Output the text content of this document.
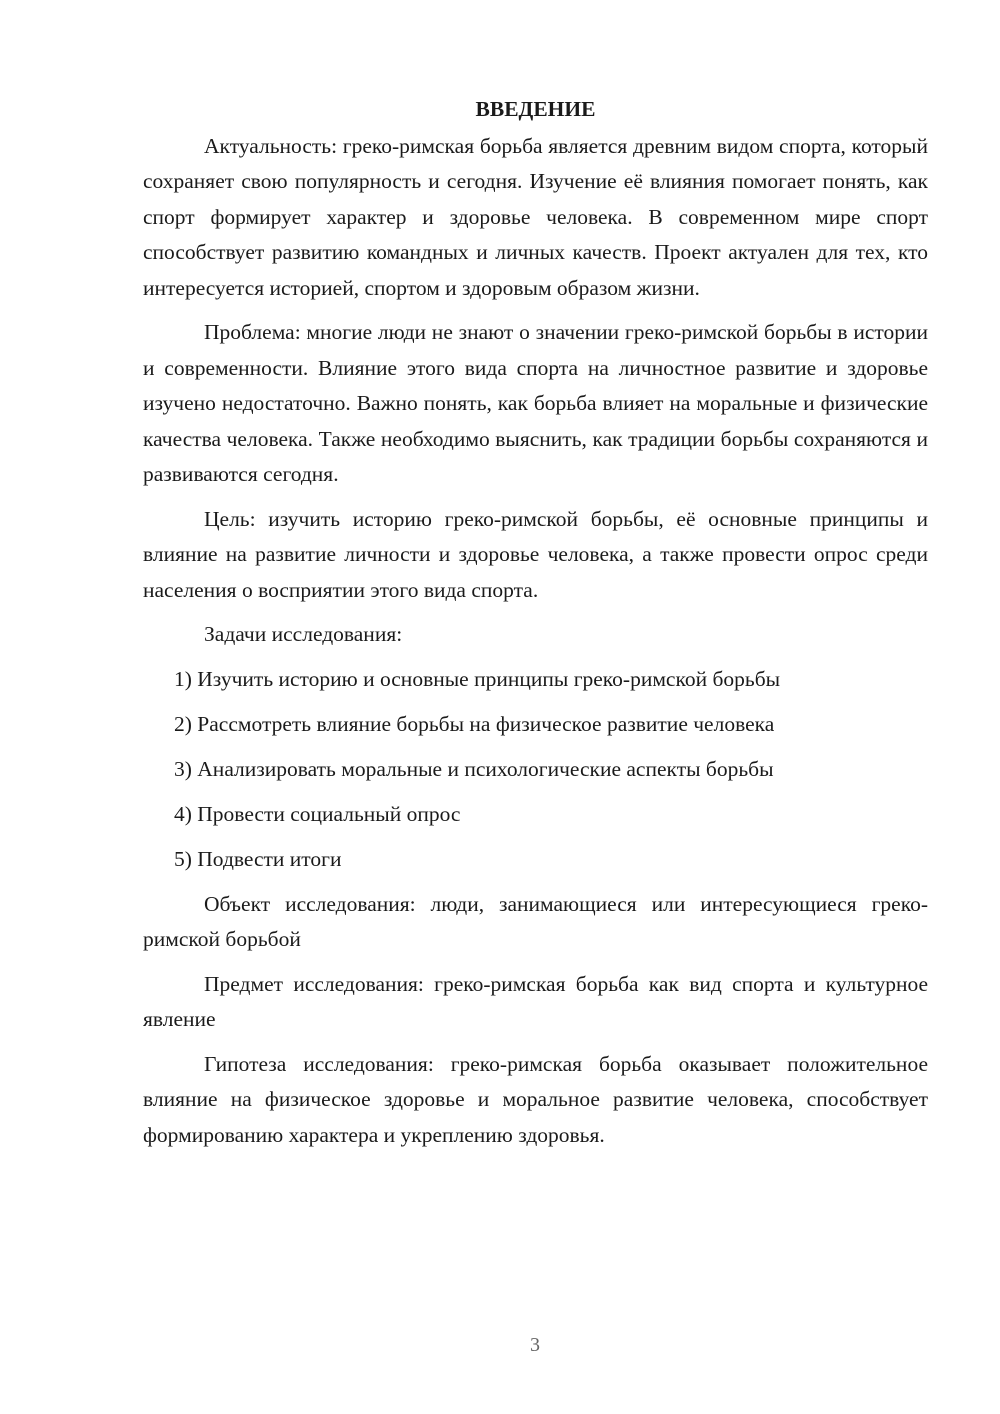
ВВЕДЕНИЕ

Актуальность: греко-римская борьба является древним видом спорта, который сохраняет свою популярность и сегодня. Изучение её влияния помогает понять, как спорт формирует характер и здоровье человека. В современном мире спорт способствует развитию командных и личных качеств. Проект актуален для тех, кто интересуется историей, спортом и здоровым образом жизни.

Проблема: многие люди не знают о значении греко-римской борьбы в истории и современности. Влияние этого вида спорта на личностное развитие и здоровье изучено недостаточно. Важно понять, как борьба влияет на моральные и физические качества человека. Также необходимо выяснить, как традиции борьбы сохраняются и развиваются сегодня.

Цель: изучить историю греко-римской борьбы, её основные принципы и влияние на развитие личности и здоровье человека, а также провести опрос среди населения о восприятии этого вида спорта.

Задачи исследования:
1) Изучить историю и основные принципы греко-римской борьбы
2) Рассмотреть влияние борьбы на физическое развитие человека
3) Анализировать моральные и психологические аспекты борьбы
4) Провести социальный опрос
5) Подвести итоги

Объект исследования: люди, занимающиеся или интересующиеся греко-римской борьбой

Предмет исследования: греко-римская борьба как вид спорта и культурное явление

Гипотеза исследования: греко-римская борьба оказывает положительное влияние на физическое здоровье и моральное развитие человека, способствует формированию характера и укреплению здоровья.

3
